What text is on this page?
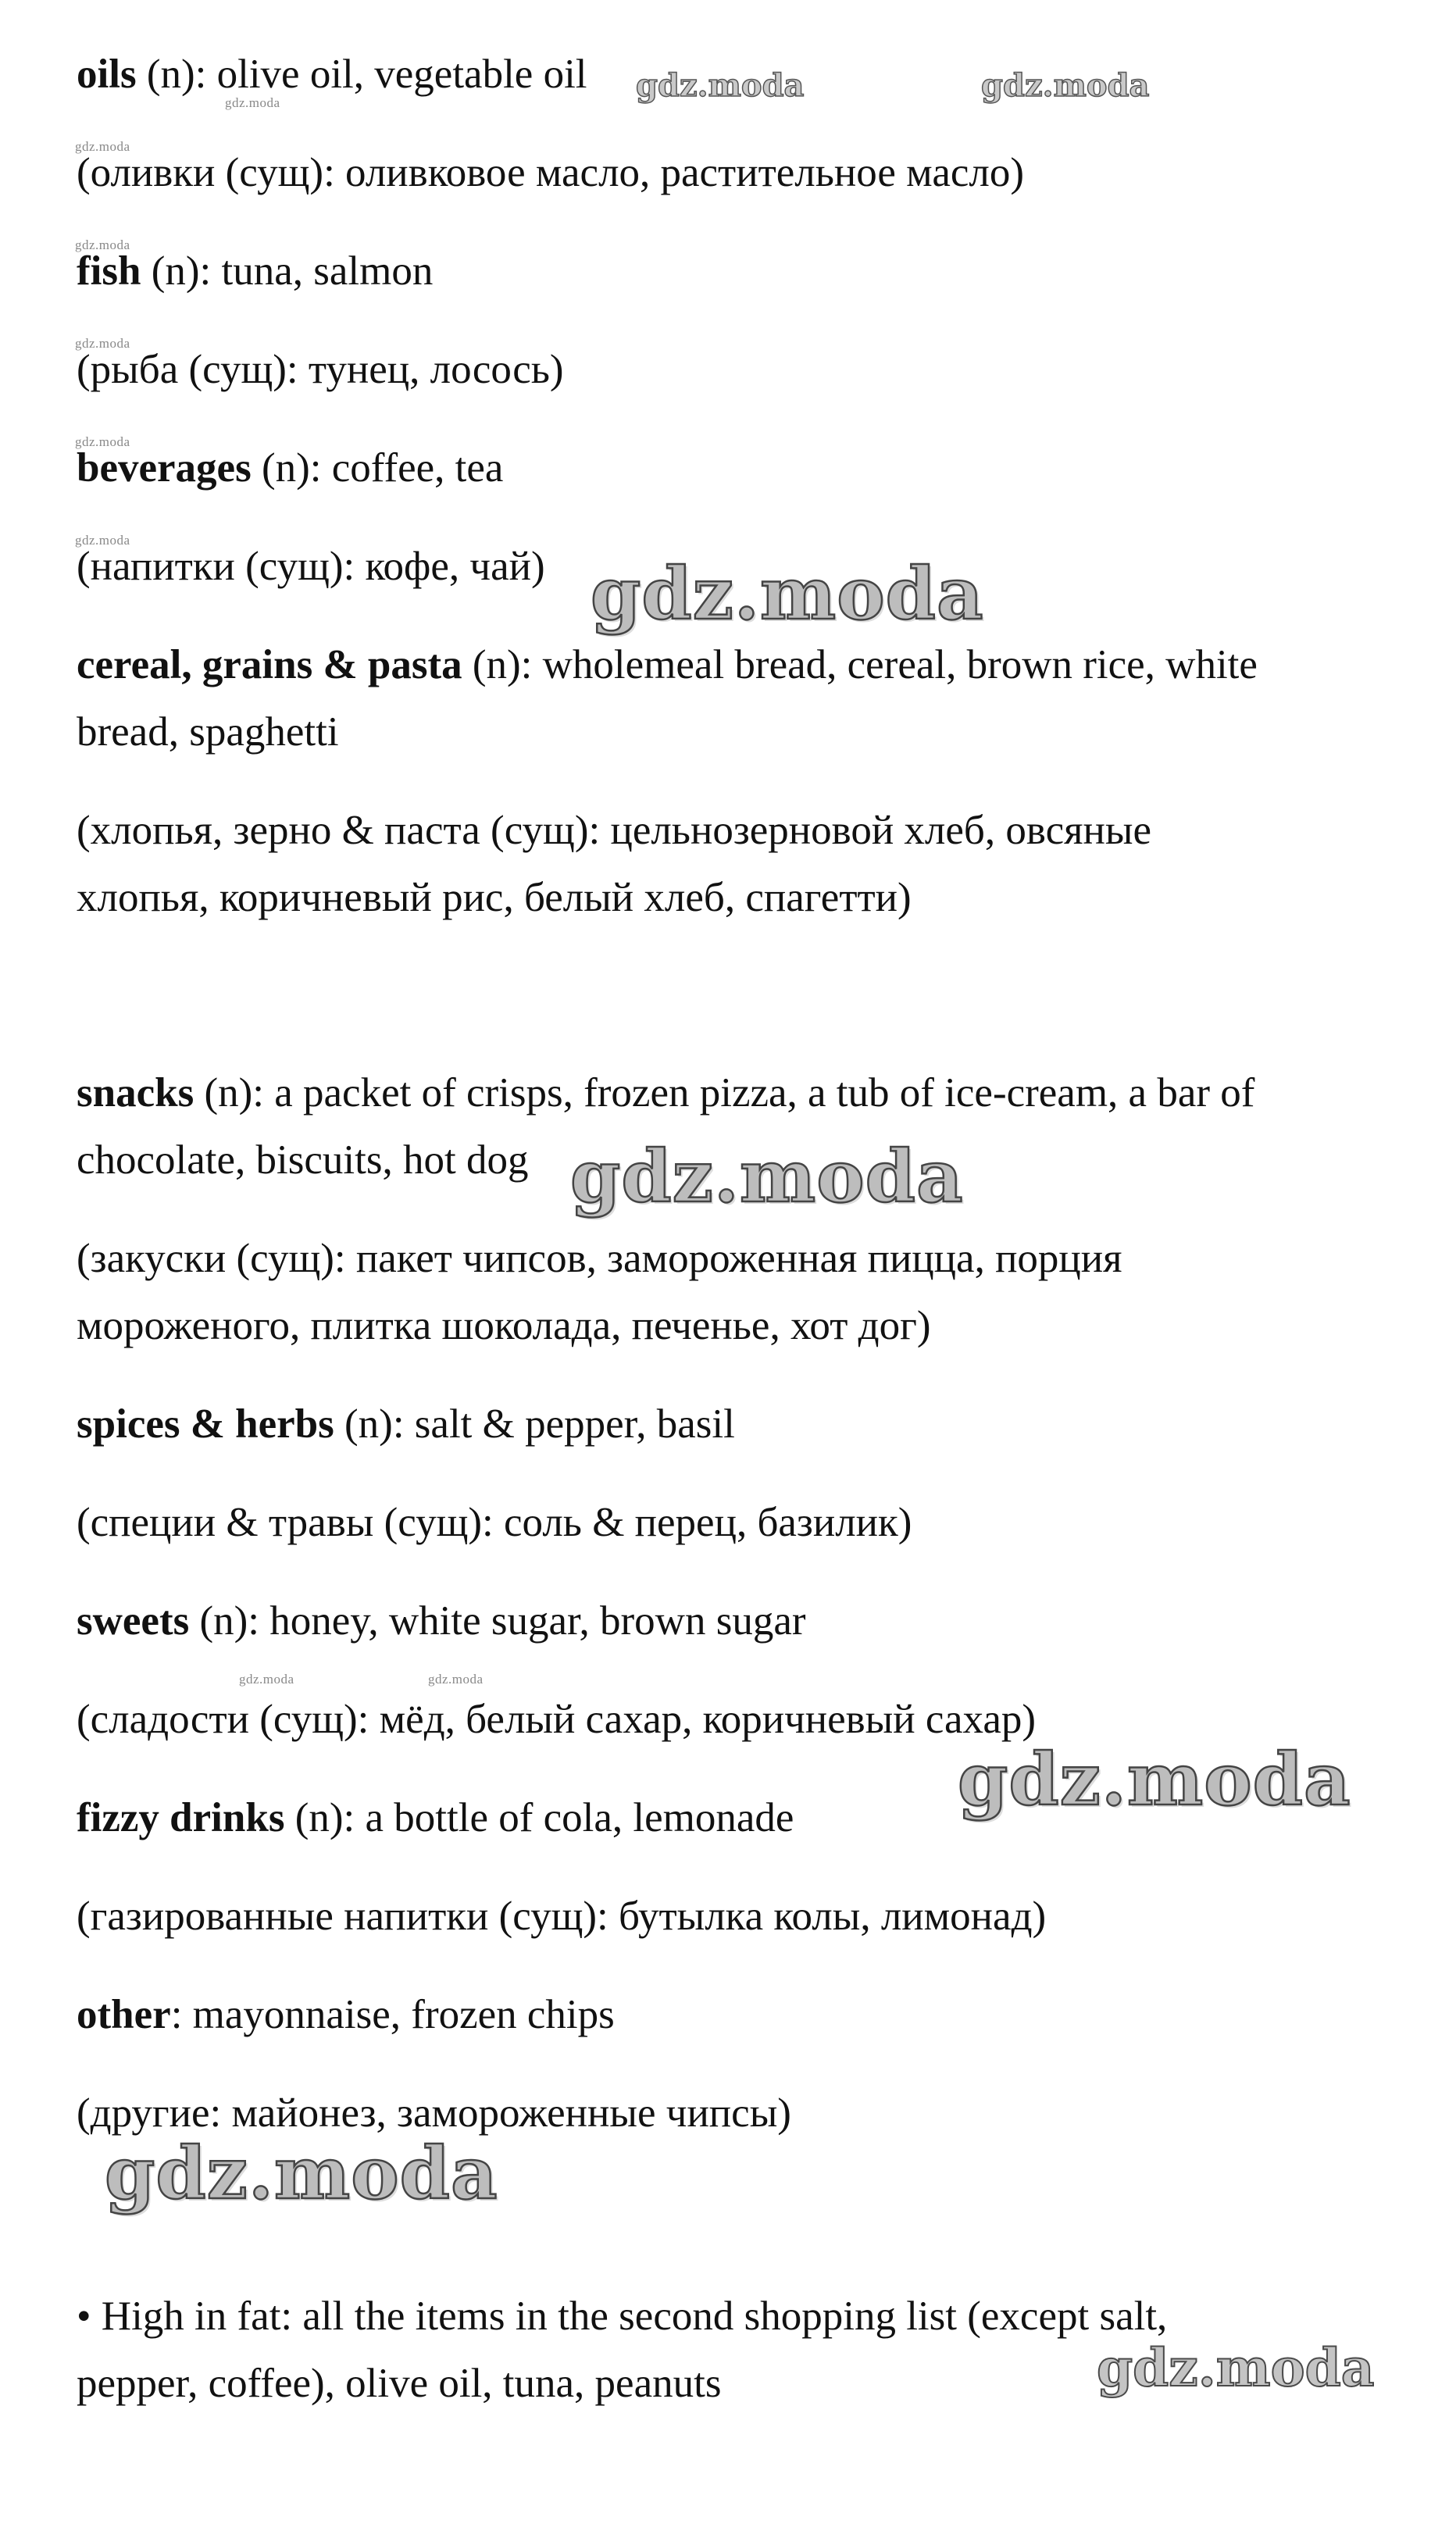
oils (n): olive oil, vegetable oil

(оливки (сущ): оливковое масло, растительное масло)

fish (n): tuna, salmon

(рыба (сущ): тунец, лосось)

beverages (n): coffee, tea

(напитки (сущ): кофе, чай)

cereal, grains & pasta (n): wholemeal bread, cereal, brown rice, white

bread, spaghetti

(хлопья, зерно & паста (сущ): цельнозерновой хлеб, овсяные

хлопья, коричневый рис, белый хлеб, спагетти)

snacks (n): a packet of crisps, frozen pizza, a tub of ice-cream, a bar of

chocolate, biscuits, hot dog

(закуски (сущ): пакет чипсов, замороженная пицца, порция

мороженого, плитка шоколада, печенье, хот дог)

spices & herbs (n): salt & pepper, basil

(специи & травы (сущ): соль & перец, базилик)

sweets (n): honey, white sugar, brown sugar

(сладости (сущ): мёд, белый сахар, коричневый сахар)

fizzy drinks (n): a bottle of cola, lemonade

(газированные напитки (сущ): бутылка колы, лимонад)

other: mayonnaise, frozen chips

(другие: майонез, замороженные чипсы)

• High in fat: all the items in the second shopping list (except salt,

pepper, coffee), olive oil, tuna, peanuts

gdz.moda
gdz.moda
gdz.moda
gdz.moda
gdz.moda
gdz.moda
gdz.moda	gdz.moda
gdz.moda	gdz.moda
gdz.moda
gdz.moda
gdz.moda
gdz.moda
gdz.moda
